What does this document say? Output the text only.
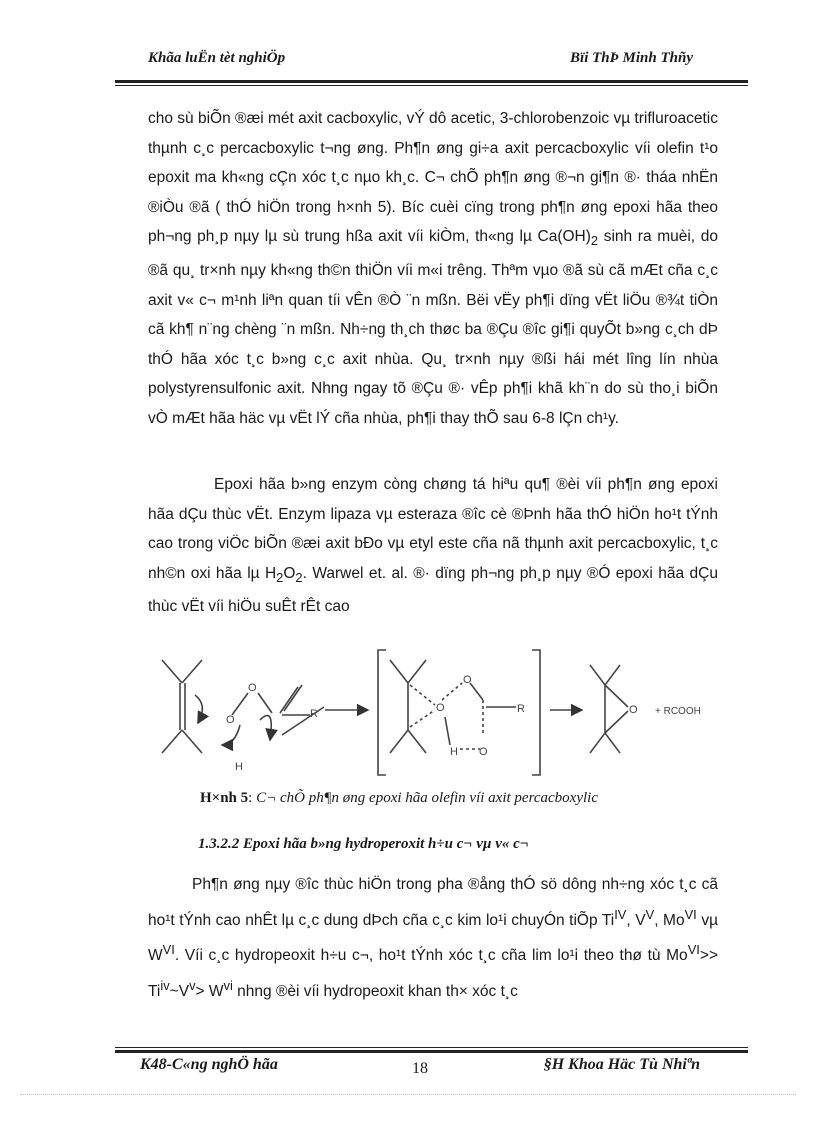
Khãa luËn tèt nghiÖp	Bïi ThÞ Minh Thñy

cho sù biÕn ®æi mét axit cacboxylic, vÝ dô acetic, 3-chlorobenzoic vµ trifluroacetic thµnh c¸c percacboxylic t¬ng øng. Ph¶n øng gi÷a axit percacboxylic víi olefin t¹o epoxit ma kh«ng cÇn xóc t¸c nµo kh¸c. C¬ chÕ ph¶n øng ®¬n gi¶n ®· tháa nhËn ®iÒu ®ã ( thÓ hiÖn trong h×nh 5). Bíc cuèi cïng trong ph¶n øng epoxi hãa theo ph¬ng ph¸p nµy lµ sù trung hßa axit víi kiÒm, th«ng lµ $Ca(OH)_2$ sinh ra muèi, do ®ã qu¸ tr×nh nµy kh«ng th©n thiÖn víi m«i trêng. Thªm vµo ®ã sù cã mÆt cña c¸c axit v« c¬ m¹nh liªn quan tíi vÊn ®Ò ¨n mßn. Bëi vËy ph¶i dïng vËt liÖu ®¾t tiÒn cã kh¶ n¨ng chèng ¨n mßn. Nh÷ng th¸ch thøc ba ®Çu ®îc gi¶i quyÕt b»ng c¸ch dÞ thÓ hãa xóc t¸c b»ng c¸c axit nhùa. Qu¸ tr×nh nµy ®ßi hái mét lîng lín nhùa polystyrensulfonic axit. Nhng ngay tõ ®Çu ®· vÊp ph¶i khã kh¨n do sù tho¸i biÕn vÒ mÆt hãa häc vµ vËt lÝ cña nhùa, ph¶i thay thÕ sau 6-8 lÇn ch¹y.

Epoxi hãa b»ng enzym còng chøng tá hiªu qu¶ ®èi víi ph¶n øng epoxi hãa dÇu thùc vËt. Enzym lipaza vµ esteraza ®îc cè ®Þnh hãa thÓ hiÖn ho¹t tÝnh cao trong viÖc biÕn ®æi axit bÐo vµ etyl este cña nã thµnh axit percacboxylic, t¸c nh©n oxi hãa lµ $H_2O_2$. Warwel et. al. ®· dïng ph¬ng ph¸p nµy ®Ó epoxi hãa dÇu thùc vËt víi hiÖu suÊt rÊt cao

O
O
R
H
O
O
O
H
R	O + RCOOH
H×nh 5: C¬ chÕ ph¶n øng epoxi hãa olefin víi axit percacboxylic
1.3.2.2 Epoxi hãa b»ng hydroperoxit h÷u c¬ vµ v« c¬

Ph¶n øng nµy ®îc thùc hiÖn trong pha ®ång thÓ sö dông nh÷ng xóc t¸c cã ho¹t tÝnh cao nhÊt lµ c¸c dung dÞch cña c¸c kim lo¹i chuyÓn tiÕp $Ti^{IV}$, $V^V$, $Mo^{VI}$ vµ $W^{VI}$. Víi c¸c hydropeoxit h÷u c¬, ho¹t tÝnh xóc t¸c cña lim lo¹i theo thø tù $Mo^{VI}>>$ $Ti^{iv}\sim V^v> W^{vi}$ nhng ®èi víi hydropeoxit khan th× xóc t¸c

K48-C«ng nghÖ hãa	18	§H Khoa Häc Tù Nhiªn
